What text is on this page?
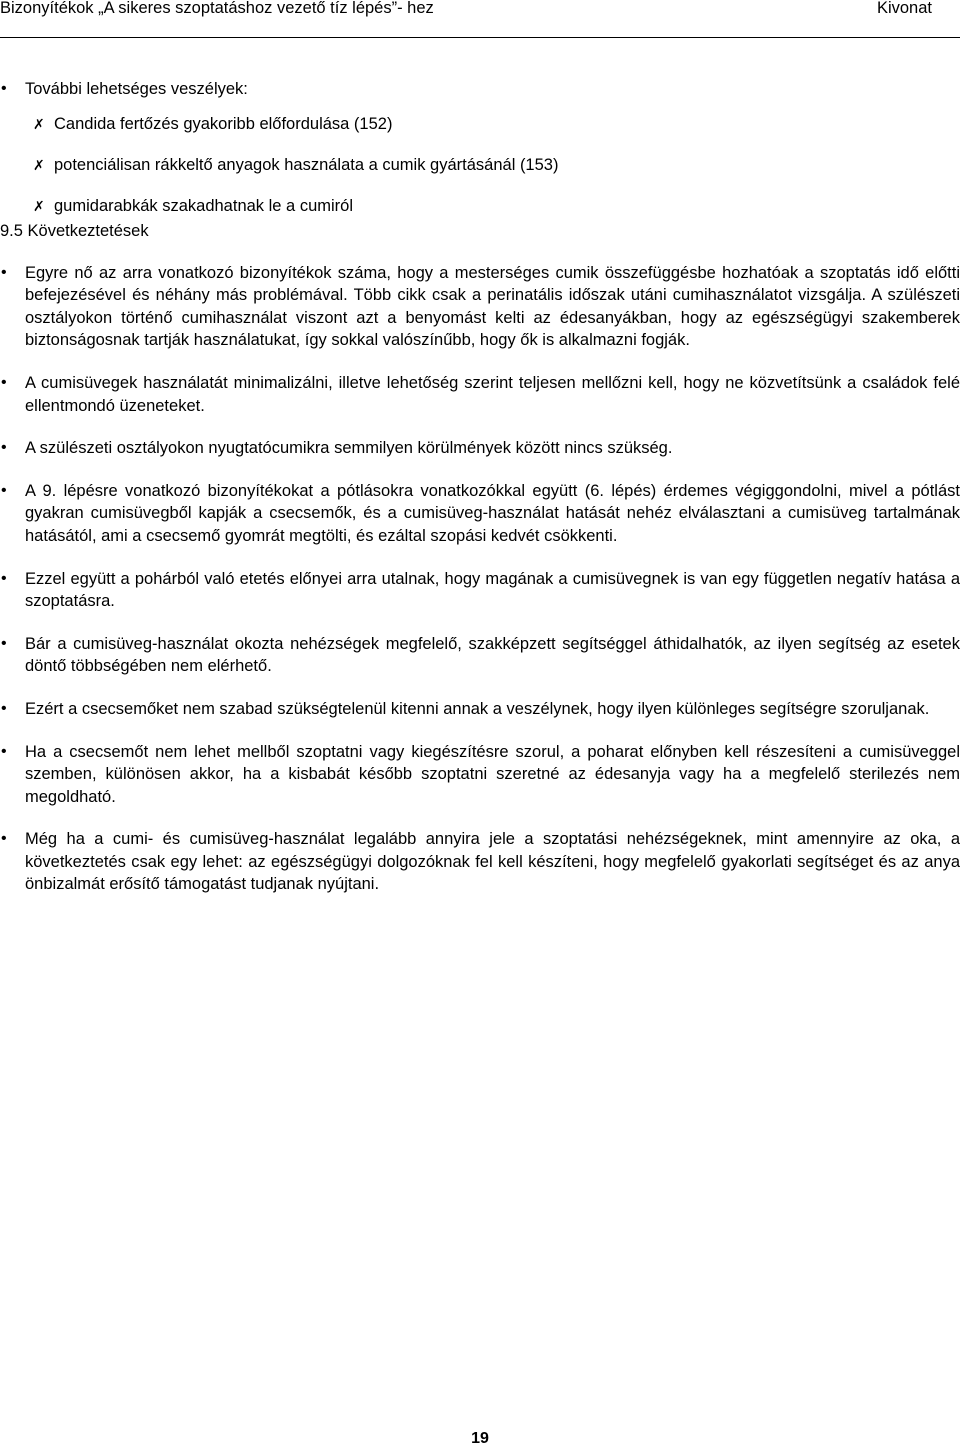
Bizonyítékok „A sikeres szoptatáshoz vezető tíz lépés”- hez	Kivonat
• További lehetséges veszélyek:
✗ Candida fertőzés gyakoribb előfordulása (152)
✗ potenciálisan rákkeltő anyagok használata a cumik gyártásánál (153)
✗ gumidarabkák szakadhatnak le a cumiról
9.5 Következtetések
• Egyre nő az arra vonatkozó bizonyítékok száma, hogy a mesterséges cumik összefüggésbe hozhatóak a szoptatás idő előtti befejezésével és néhány más problémával. Több cikk csak a perinatális időszak utáni cumihasználatot vizsgálja. A szülészeti osztályokon történő cumihasználat viszont azt a benyomást kelti az édesanyákban, hogy az egészségügyi szakemberek biztonságosnak tartják használatukat, így sokkal valószínűbb, hogy ők is alkalmazni fogják.
• A cumisüvegek használatát minimalizálni, illetve lehetőség szerint teljesen mellőzni kell, hogy ne közvetítsünk a családok felé ellentmondó üzeneteket.
• A szülészeti osztályokon nyugtatócumikra semmilyen körülmények között nincs szükség.
• A 9. lépésre vonatkozó bizonyítékokat a pótlásokra vonatkozókkal együtt (6. lépés) érdemes végiggondolni, mivel a pótlást gyakran cumisüvegből kapják a csecsemők, és a cumisüveg-használat hatását nehéz elválasztani a cumisüveg tartalmának hatásától, ami a csecsemő gyomrát megtölti, és ezáltal szopási kedvét csökkenti.
• Ezzel együtt a pohárból való etetés előnyei arra utalnak, hogy magának a cumisüvegnek is van egy független negatív hatása a szoptatásra.
• Bár a cumisüveg-használat okozta nehézségek megfelelő, szakképzett segítséggel áthidalhatók, az ilyen segítség az esetek döntő többségében nem elérhető.
• Ezért a csecsemőket nem szabad szükségtelenül kitenni annak a veszélynek, hogy ilyen különleges segítségre szoruljanak.
• Ha a csecsemőt nem lehet mellből szoptatni vagy kiegészítésre szorul, a poharat előnyben kell részesíteni a cumisüveggel szemben, különösen akkor, ha a kisbabát később szoptatni szeretné az édesanyja vagy ha a megfelelő sterilezés nem megoldható.
• Még ha a cumi- és cumisüveg-használat legalább annyira jele a szoptatási nehézségeknek, mint amennyire az oka, a következtetés csak egy lehet: az egészségügyi dolgozóknak fel kell készíteni, hogy megfelelő gyakorlati segítséget és az anya önbizalmát erősítő támogatást tudjanak nyújtani.
19
